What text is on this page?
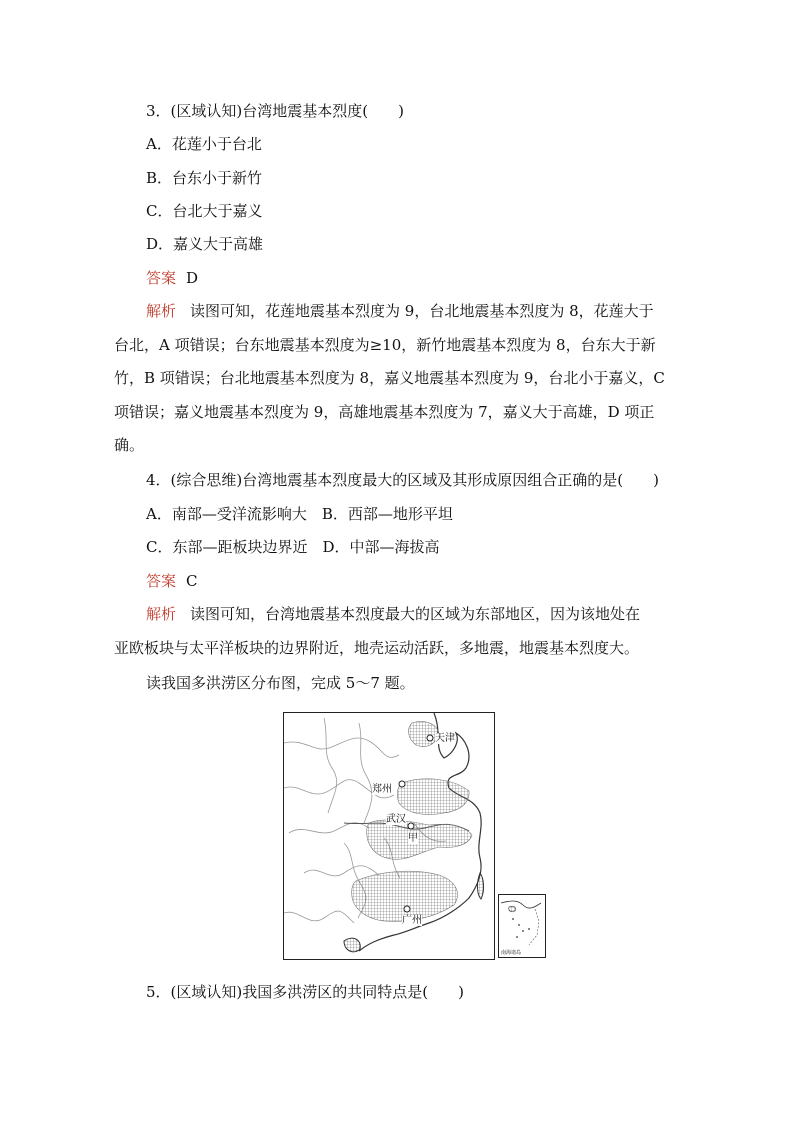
3．(区域认知)台湾地震基本烈度(　　)
A．花莲小于台北
B．台东小于新竹
C．台北大于嘉义
D．嘉义大于高雄
答案 D
解析 读图可知，花莲地震基本烈度为 9，台北地震基本烈度为 8，花莲大于
台北，A 项错误；台东地震基本烈度为≥10，新竹地震基本烈度为 8，台东大于新
竹，B 项错误；台北地震基本烈度为 8，嘉义地震基本烈度为 9，台北小于嘉义，C
项错误；嘉义地震基本烈度为 9，高雄地震基本烈度为 7，嘉义大于高雄，D 项正
确。
4．(综合思维)台湾地震基本烈度最大的区域及其形成原因组合正确的是(　　)
A．南部—受洋流影响大　B．西部—地形平坦
C．东部—距板块边界近　D．中部—海拔高
答案 C
解析 读图可知，台湾地震基本烈度最大的区域为东部地区，因为该地处在
亚欧板块与太平洋板块的边界附近，地壳运动活跃，多地震，地震基本烈度大。
读我国多洪涝区分布图，完成 5～7 题。
天津
郑州
武汉
甲
广州
南海诸岛
5．(区域认知)我国多洪涝区的共同特点是(　　)
